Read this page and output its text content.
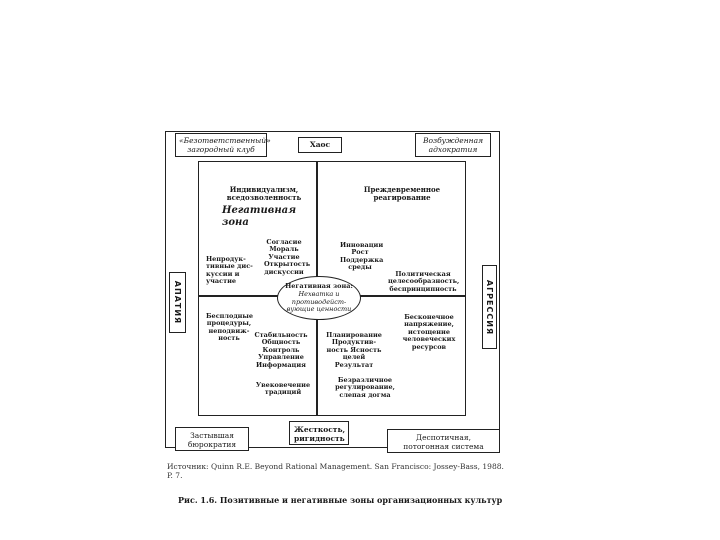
«Безответственный» загородный клуб
Хаос	Возбужденная адхократия
Застывшая бюрократия
Жесткость, ригидность	Деспотичная, потогонная система
АПАТИЯ	АГРЕССИЯ
Индивидуализм, вседозволенность
Негативная зона
Согласие Мораль Участие Открытость дискуссии
Непродук- тивные дис- куссии и участие
Преждевременное реагирование
Инновации Рост Поддержка среды
Политическая целесообразность, беспринципность
Бесплодные процедуры, неподвиж- ность	Стабильность Общность Контроль Управление Информация
Увековечение традиций
Бесконечное напряжение, истощение человеческих ресурсов
Планирование Продуктив- ность Ясность целей Результат
Безразличное регулирование, слепая догма
Негативная зона:
Нехватка и противодейст-
вующие ценности
Источник: Quinn R.E. Beyond Rational Management. San Francisco: Jossey-Bass, 1988. P. 7.
Рис. 1.6. Позитивные и негативные зоны организационных культур
